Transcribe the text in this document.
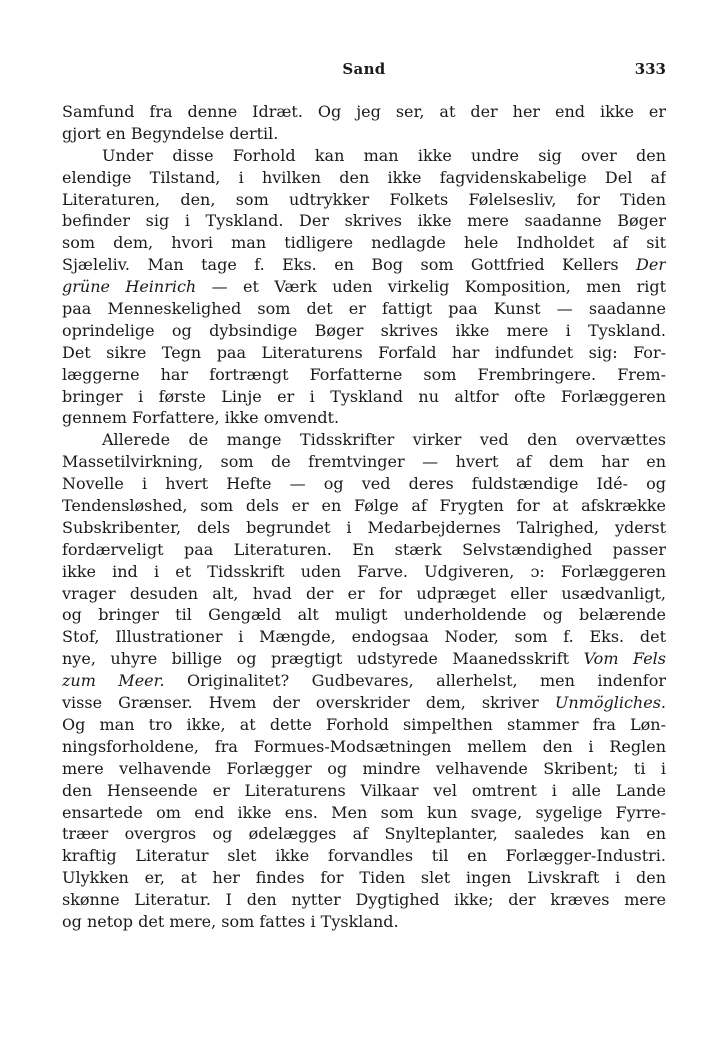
Sand	333
Samfund fra denne Idræt. Og jeg ser, at der her end ikke er
gjort en Begyndelse dertil.
Under disse Forhold kan man ikke undre sig over den
elendige Tilstand, i hvilken den ikke fagvidenskabelige Del af
Literaturen, den, som udtrykker Folkets Følelsesliv, for Tiden
befinder sig i Tyskland. Der skrives ikke mere saadanne Bøger
som dem, hvori man tidligere nedlagde hele Indholdet af sit
Sjæleliv. Man tage f. Eks. en Bog som Gottfried Kellers Der
grüne Heinrich — et Værk uden virkelig Komposition, men rigt
paa Menneskelighed som det er fattigt paa Kunst — saadanne
oprindelige og dybsindige Bøger skrives ikke mere i Tyskland.
Det sikre Tegn paa Literaturens Forfald har indfundet sig: For-
læggerne har fortrængt Forfatterne som Frembringere. Frem-
bringer i første Linje er i Tyskland nu altfor ofte Forlæggeren
gennem Forfattere, ikke omvendt.
Allerede de mange Tidsskrifter virker ved den overvættes
Massetilvirkning, som de fremtvinger — hvert af dem har en
Novelle i hvert Hefte — og ved deres fuldstændige Idé- og
Tendensløshed, som dels er en Følge af Frygten for at afskrække
Subskribenter, dels begrundet i Medarbejdernes Talrighed, yderst
fordærveligt paa Literaturen. En stærk Selvstændighed passer
ikke ind i et Tidsskrift uden Farve. Udgiveren, ɔ: Forlæggeren
vrager desuden alt, hvad der er for udpræget eller usædvanligt,
og bringer til Gengæld alt muligt underholdende og belærende
Stof, Illustrationer i Mængde, endogsaa Noder, som f. Eks. det
nye, uhyre billige og prægtigt udstyrede Maanedsskrift Vom Fels
zum Meer. Originalitet? Gudbevares, allerhelst, men indenfor
visse Grænser. Hvem der overskrider dem, skriver Unmögliches.
Og man tro ikke, at dette Forhold simpelthen stammer fra Løn-
ningsforholdene, fra Formues-Modsætningen mellem den i Reglen
mere velhavende Forlægger og mindre velhavende Skribent; ti i
den Henseende er Literaturens Vilkaar vel omtrent i alle Lande
ensartede om end ikke ens. Men som kun svage, sygelige Fyrre-
træer overgros og ødelægges af Snylteplanter, saaledes kan en
kraftig Literatur slet ikke forvandles til en Forlægger-Industri.
Ulykken er, at her findes for Tiden slet ingen Livskraft i den
skønne Literatur. I den nytter Dygtighed ikke; der kræves mere
og netop det mere, som fattes i Tyskland.
